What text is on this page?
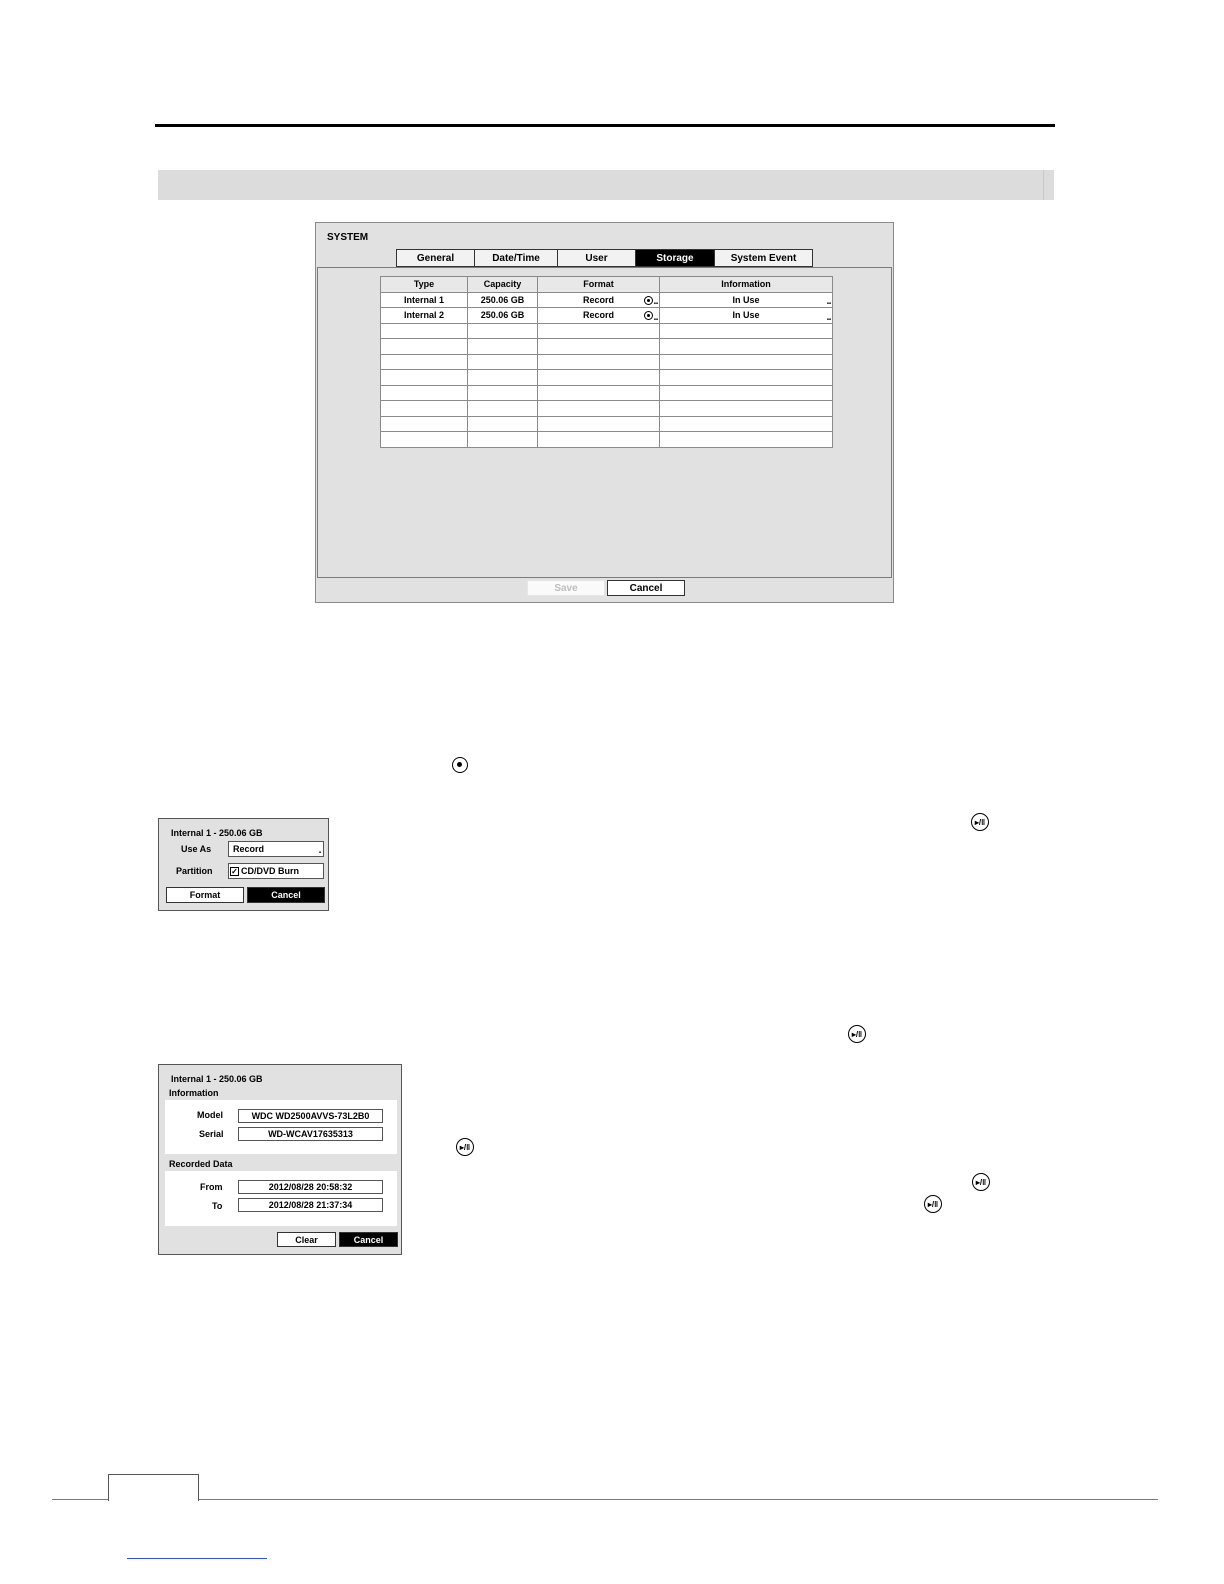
SYSTEM
General	Date/Time	User	Storage	System Event
Type	Capacity	Format	Information
Internal 1	250.06 GB	Record ▪▪	In Use ▪▪

Internal 2	250.06 GB	Record ▪▪	In Use ▪▪

Save	Cancel
▸/‖
▸/‖
▸/‖
▸/‖
▸/‖
Internal 1 - 250.06 GB
Use As Record	▪
Partition ✓ CD/DVD Burn
Format	Cancel
Internal 1 - 250.06 GB
Information
Model	WDC WD2500AVVS-73L2B0
Serial	WD-WCAV17635313
Recorded Data
From	2012/08/28 20:58:32
To	2012/08/28 21:37:34
Clear	Cancel
